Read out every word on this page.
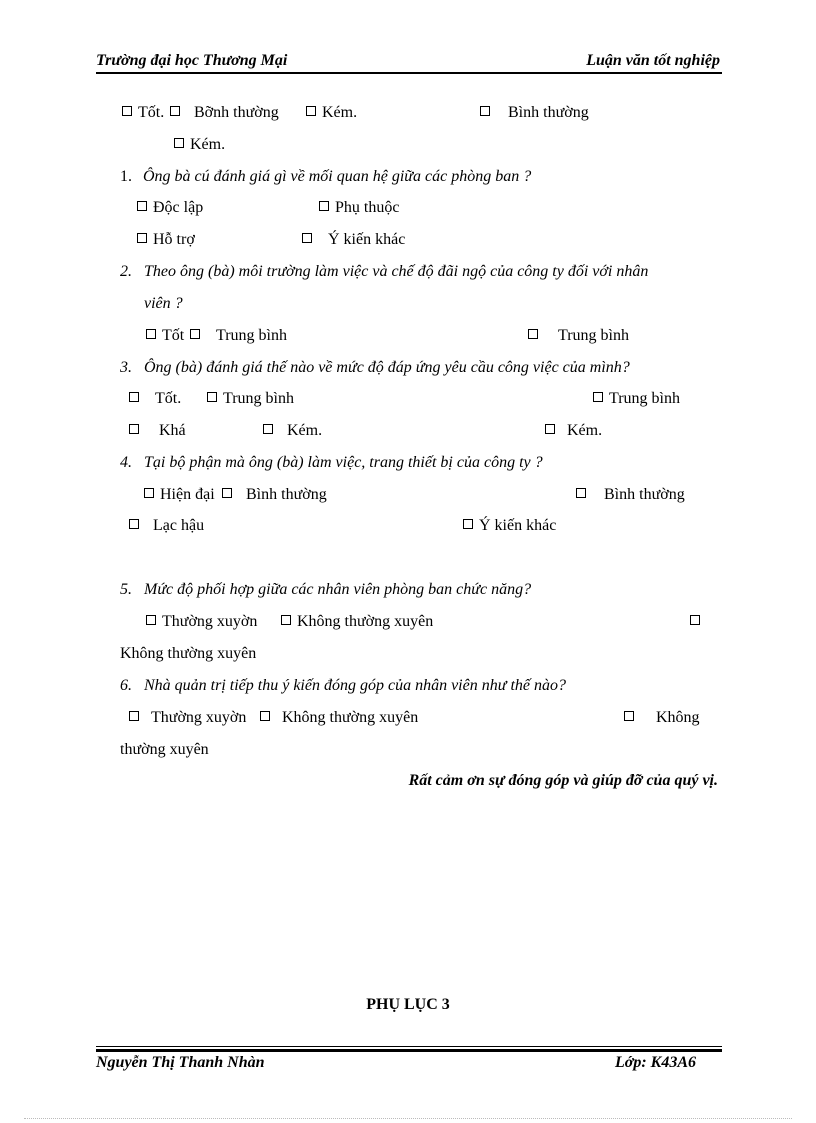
Trường đại học Thương Mại	Luận văn tốt nghiệp
Tốt.	Bỡnh thường	Kém.	Bình thường
Kém.
1. Ông bà cú đánh giá gì về mối quan hệ giữa các phòng ban ?
Độc lập	Phụ thuộc
Hỗ trợ	Ý kiến khác
2. Theo ông (bà) môi trường làm việc và chế độ đãi ngộ của công ty đối với nhân
viên ?
Tốt	Trung bình	Trung bình
3. Ông (bà) đánh giá thế nào về mức độ đáp ứng yêu cầu công việc của mình?
Tốt.	Trung bình	Trung bình
Khá	Kém.	Kém.
4. Tại bộ phận mà ông (bà) làm việc, trang thiết bị của công ty ?
Hiện đại	Bình thường	Bình thường
Lạc hậu	Ý kiến khác
5. Mức độ phối hợp giữa các nhân viên phòng ban chức năng?
Thường xuyờn	Không thường xuyên
Không thường xuyên
6. Nhà quản trị tiếp thu ý kiến đóng góp của nhân viên như thế nào?
Thường xuyờn	Không thường xuyên	Không
thường xuyên
Rất cảm ơn sự đóng góp và giúp đỡ của quý vị.
PHỤ LỤC 3
Nguyễn Thị Thanh Nhàn	Lớp: K43A6
